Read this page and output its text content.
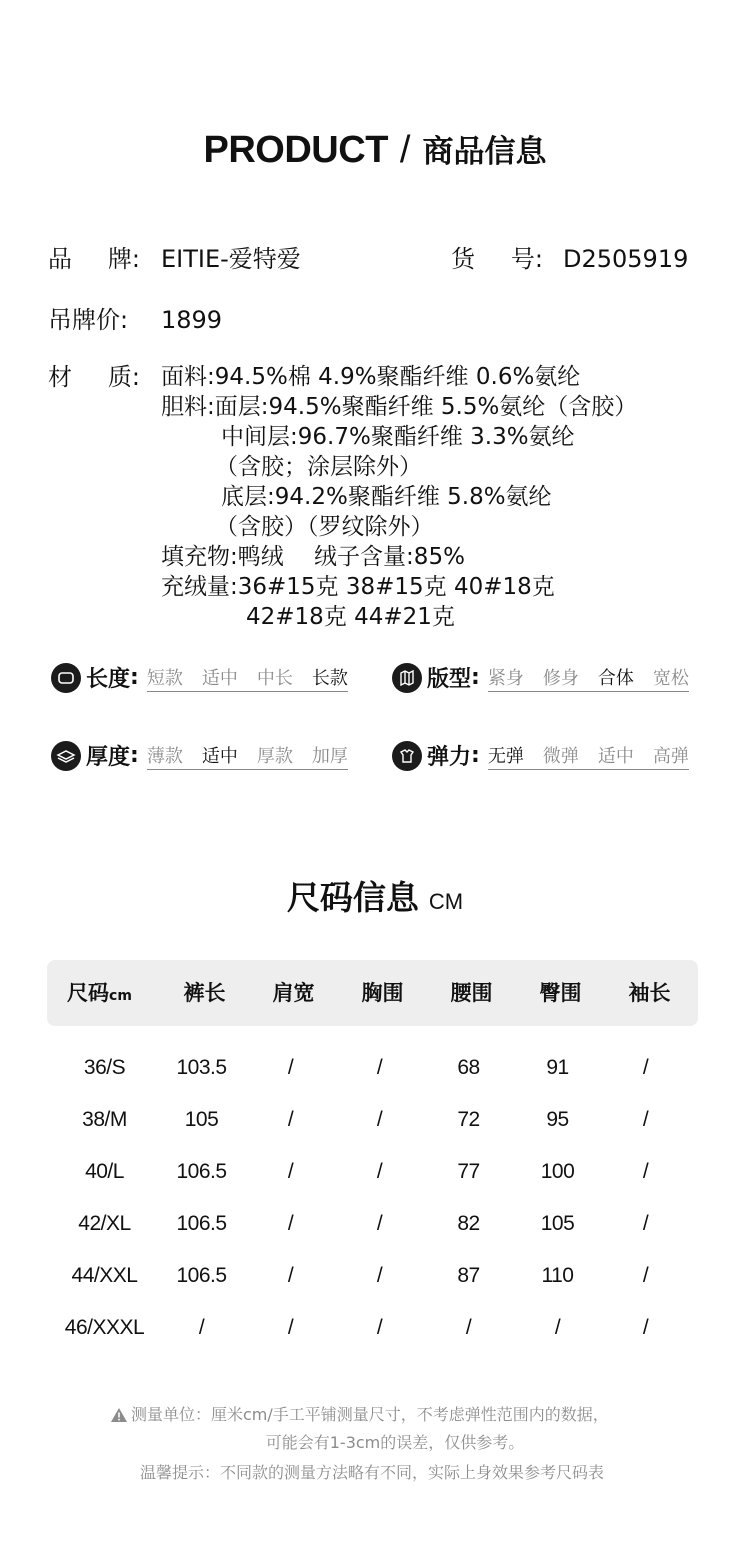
PRODUCT / 商品信息
品 牌: EITIE-爱特爱	货 号: D2505919
吊牌价: 1899
材 质: 面料:94.5%棉 4.9%聚酯纤维 0.6%氨纶
胆料:面层:94.5%聚酯纤维 5.5%氨纶（含胶）
中间层:96.7%聚酯纤维 3.3%氨纶
（含胶；涂层除外）
底层:94.2%聚酯纤维 5.8%氨纶
（含胶）（罗纹除外）
填充物:鸭绒　 绒子含量:85%
充绒量:36#15克 38#15克 40#18克
42#18克 44#21克
长度 : 短款 适中 中长 长款	版型 : 紧身 修身 合体 宽松
厚度 : 薄款 适中 厚款 加厚	弹力 : 无弹 微弹 适中 高弹
尺码信息 CM
尺码cm	裤长	肩宽	胸围	腰围	臀围	袖长
36/S	103.5	/	/	68	91	/
38/M	105	/	/	72	95	/
40/L	106.5	/	/	77	100	/
42/XL	106.5	/	/	82	105	/
44/XXL	106.5	/	/	87	110	/
46/XXXL	/	/	/	/	/	/
测量单位：厘米cm/手工平铺测量尺寸，不考虑弹性范围内的数据，
可能会有1-3cm的误差，仅供参考。
温馨提示：不同款的测量方法略有不同，实际上身效果参考尺码表
